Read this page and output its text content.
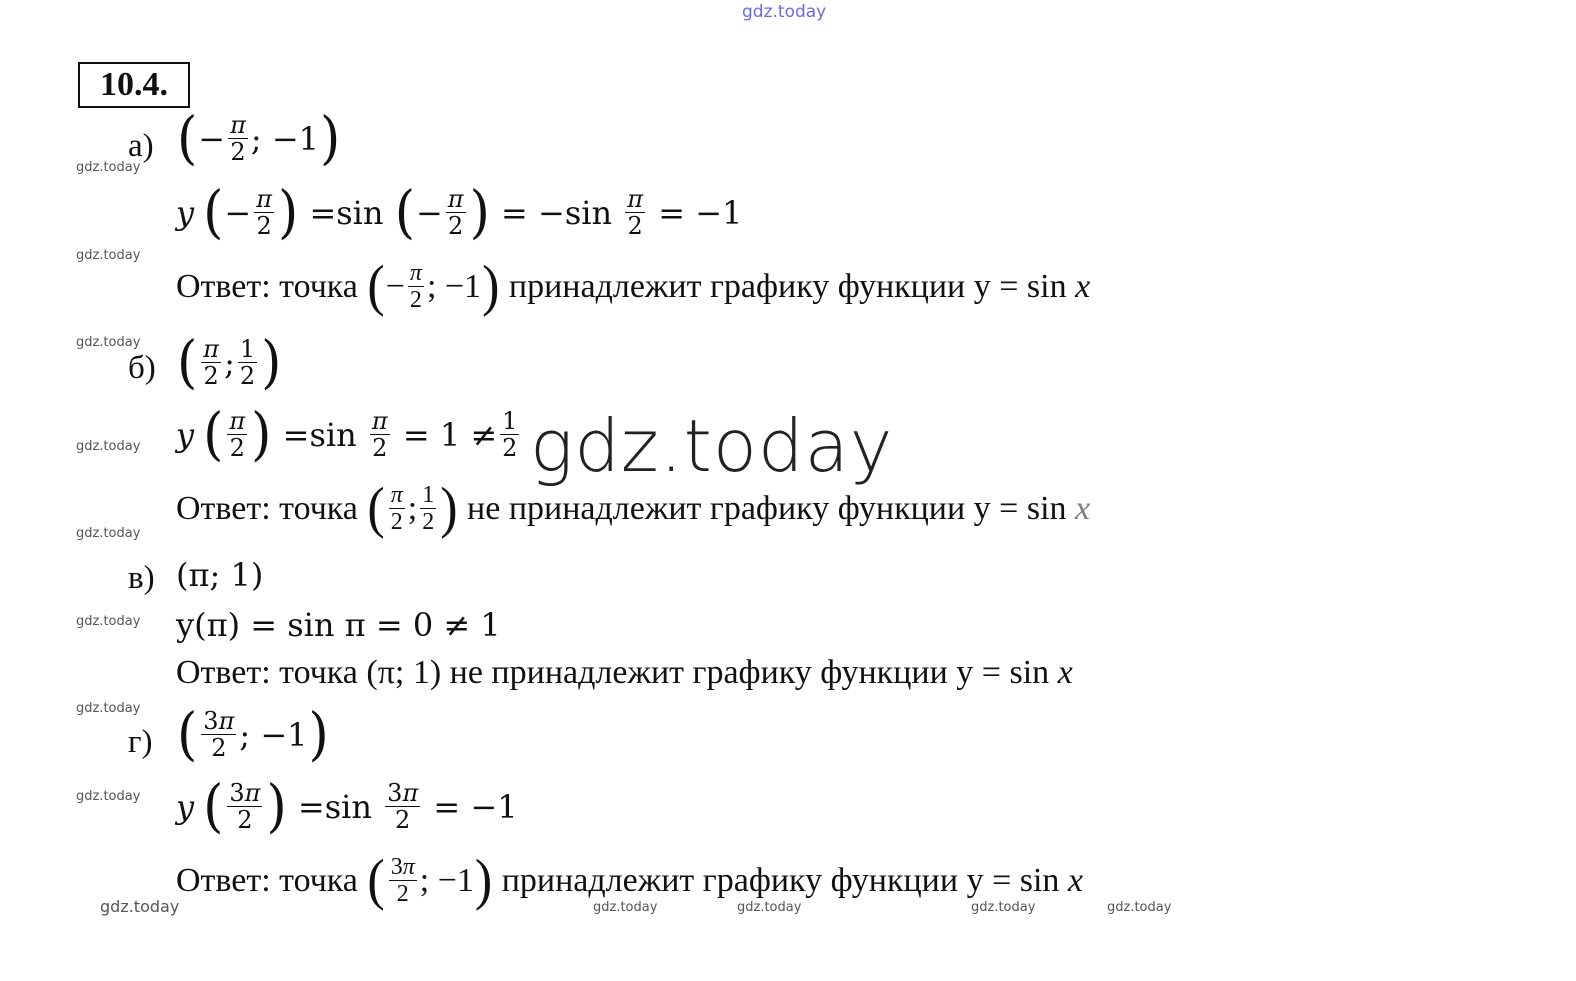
gdz.today
gdz.today
gdz.today
gdz.today
gdz.today
gdz.today
gdz.today
gdz.today
gdz.today
gdz.today	gdz.today	gdz.today	gdz.today	gdz.today
10.4.
а) ( − $\frac{\pi}{2}$ ; −1 )
y ( − $\frac{\pi}{2}$ ) = sin
( − $\frac{\pi}{2}$ ) = − sin
$\frac{\pi}{2} = -1$
Ответ: точка
( − $\frac{\pi}{2}$ ; −1 )
принадлежит графику функции y = sin
x
б) ( $\frac{\pi}{2}$ ; $\frac{1}{2}$ )
y ( $\frac{\pi}{2}$ ) = sin
$\frac{\pi}{2} = 1 \ne \frac{1}{2}$ gdz.today
Ответ: точка
( $\frac{\pi}{2}$ ; $\frac{1}{2}$ )
не принадлежит графику функции y = sin
x
в) (π; 1)
y(π) = sin π = 0 ≠ 1
Ответ: точка (π; 1) не принадлежит графику функции y = sin
x
г) ( $\frac{3\pi}{2}$ ; −1 )
y ( $\frac{3\pi}{2}$ ) = sin
$\frac{3\pi}{2} = -1$
Ответ: точка
( $\frac{3\pi}{2}$ ; −1 )
принадлежит графику функции y = sin
x
